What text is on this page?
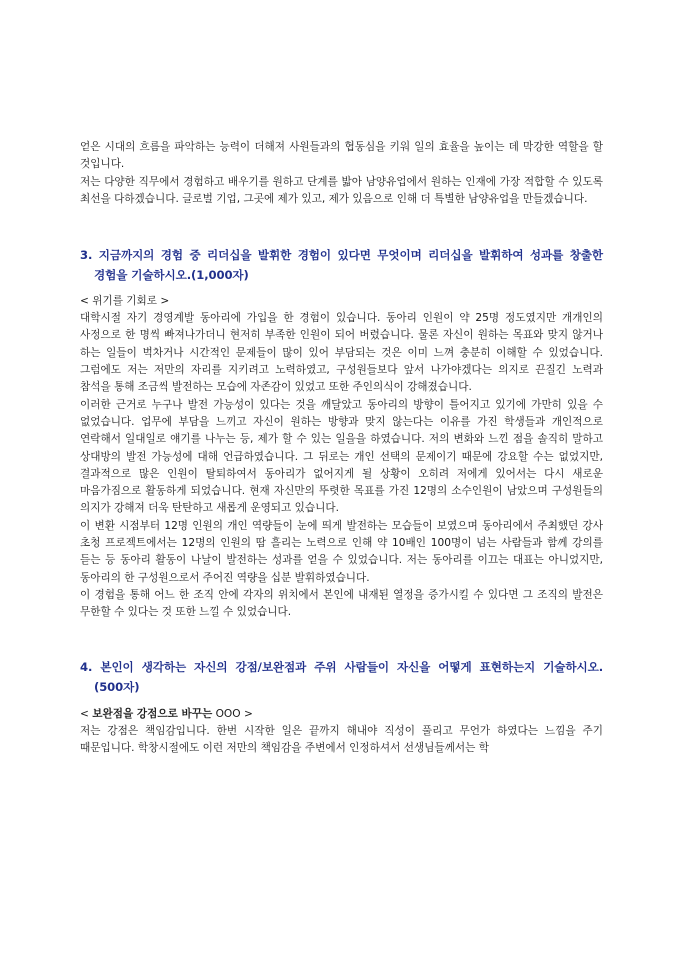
얻은 시대의 흐름을 파악하는 능력이 더해져 사원들과의 협동심을 키워 일의 효율을 높이는 데 막강한 역할을 할 것입니다.

저는 다양한 직무에서 경험하고 배우기를 원하고 단계를 밟아 남양유업에서 원하는 인재에 가장 적합할 수 있도록 최선을 다하겠습니다. 글로벌 기업, 그곳에 제가 있고, 제가 있음으로 인해 더 특별한 남양유업을 만들겠습니다.

3. 지금까지의 경험 중 리더십을 발휘한 경험이 있다면 무엇이며 리더십을 발휘하여 성과를 창출한 경험을 기술하시오.(1,000자)

< 위기를 기회로 >

대학시절 자기 경영계발 동아리에 가입을 한 경험이 있습니다. 동아리 인원이 약 25명 정도였지만 개개인의 사정으로 한 명씩 빠져나가더니 현저히 부족한 인원이 되어 버렸습니다. 물론 자신이 원하는 목표와 맞지 않거나 하는 일들이 벅차거나 시간적인 문제들이 많이 있어 부담되는 것은 이미 느껴 충분히 이해할 수 있었습니다. 그럼에도 저는 저만의 자리를 지키려고 노력하였고, 구성원들보다 앞서 나가야겠다는 의지로 끈질긴 노력과 참석을 통해 조금씩 발전하는 모습에 자존감이 있었고 또한 주인의식이 강해졌습니다.

이러한 근거로 누구나 발전 가능성이 있다는 것을 깨달았고 동아리의 방향이 틀어지고 있기에 가만히 있을 수 없었습니다. 업무에 부담을 느끼고 자신이 원하는 방향과 맞지 않는다는 이유를 가진 학생들과 개인적으로 연락해서 일대일로 얘기를 나누는 등, 제가 할 수 있는 일을을 하였습니다. 저의 변화와 느낀 점을 솔직히 말하고 상대방의 발전 가능성에 대해 언급하였습니다. 그 뒤로는 개인 선택의 문제이기 때문에 강요할 수는 없었지만, 결과적으로 많은 인원이 탈퇴하여서 동아리가 없어지게 될 상황이 오히려 저에게 있어서는 다시 새로운 마음가짐으로 활동하게 되었습니다. 현재 자신만의 뚜렷한 목표를 가진 12명의 소수인원이 남았으며 구성원들의 의지가 강해져 더욱 탄탄하고 새롭게 운영되고 있습니다.

이 변환 시점부터 12명 인원의 개인 역량들이 눈에 띄게 발전하는 모습들이 보였으며 동아리에서 주최했던 강사 초청 프로젝트에서는 12명의 인원의 땀 흘리는 노력으로 인해 약 10배인 100명이 넘는 사람들과 함께 강의를 듣는 등 동아리 활동이 나날이 발전하는 성과를 얻을 수 있었습니다. 저는 동아리를 이끄는 대표는 아니었지만, 동아리의 한 구성원으로서 주어진 역량을 십분 발휘하였습니다.

이 경험을 통해 어느 한 조직 안에 각자의 위치에서 본인에 내재된 열정을 증가시킬 수 있다면 그 조직의 발전은 무한할 수 있다는 것 또한 느낄 수 있었습니다.

4. 본인이 생각하는 자신의 강점/보완점과 주위 사람들이 자신을 어떻게 표현하는지 기술하시오.(500자)

< 보완점을 강점으로 바꾸는 OOO >

저는 강점은 책임감입니다. 한번 시작한 일은 끝까지 해내야 직성이 풀리고 무언가 하였다는 느낌을 주기 때문입니다. 학창시절에도 이런 저만의 책임감을 주변에서 인정하셔서 선생님들께서는 학
